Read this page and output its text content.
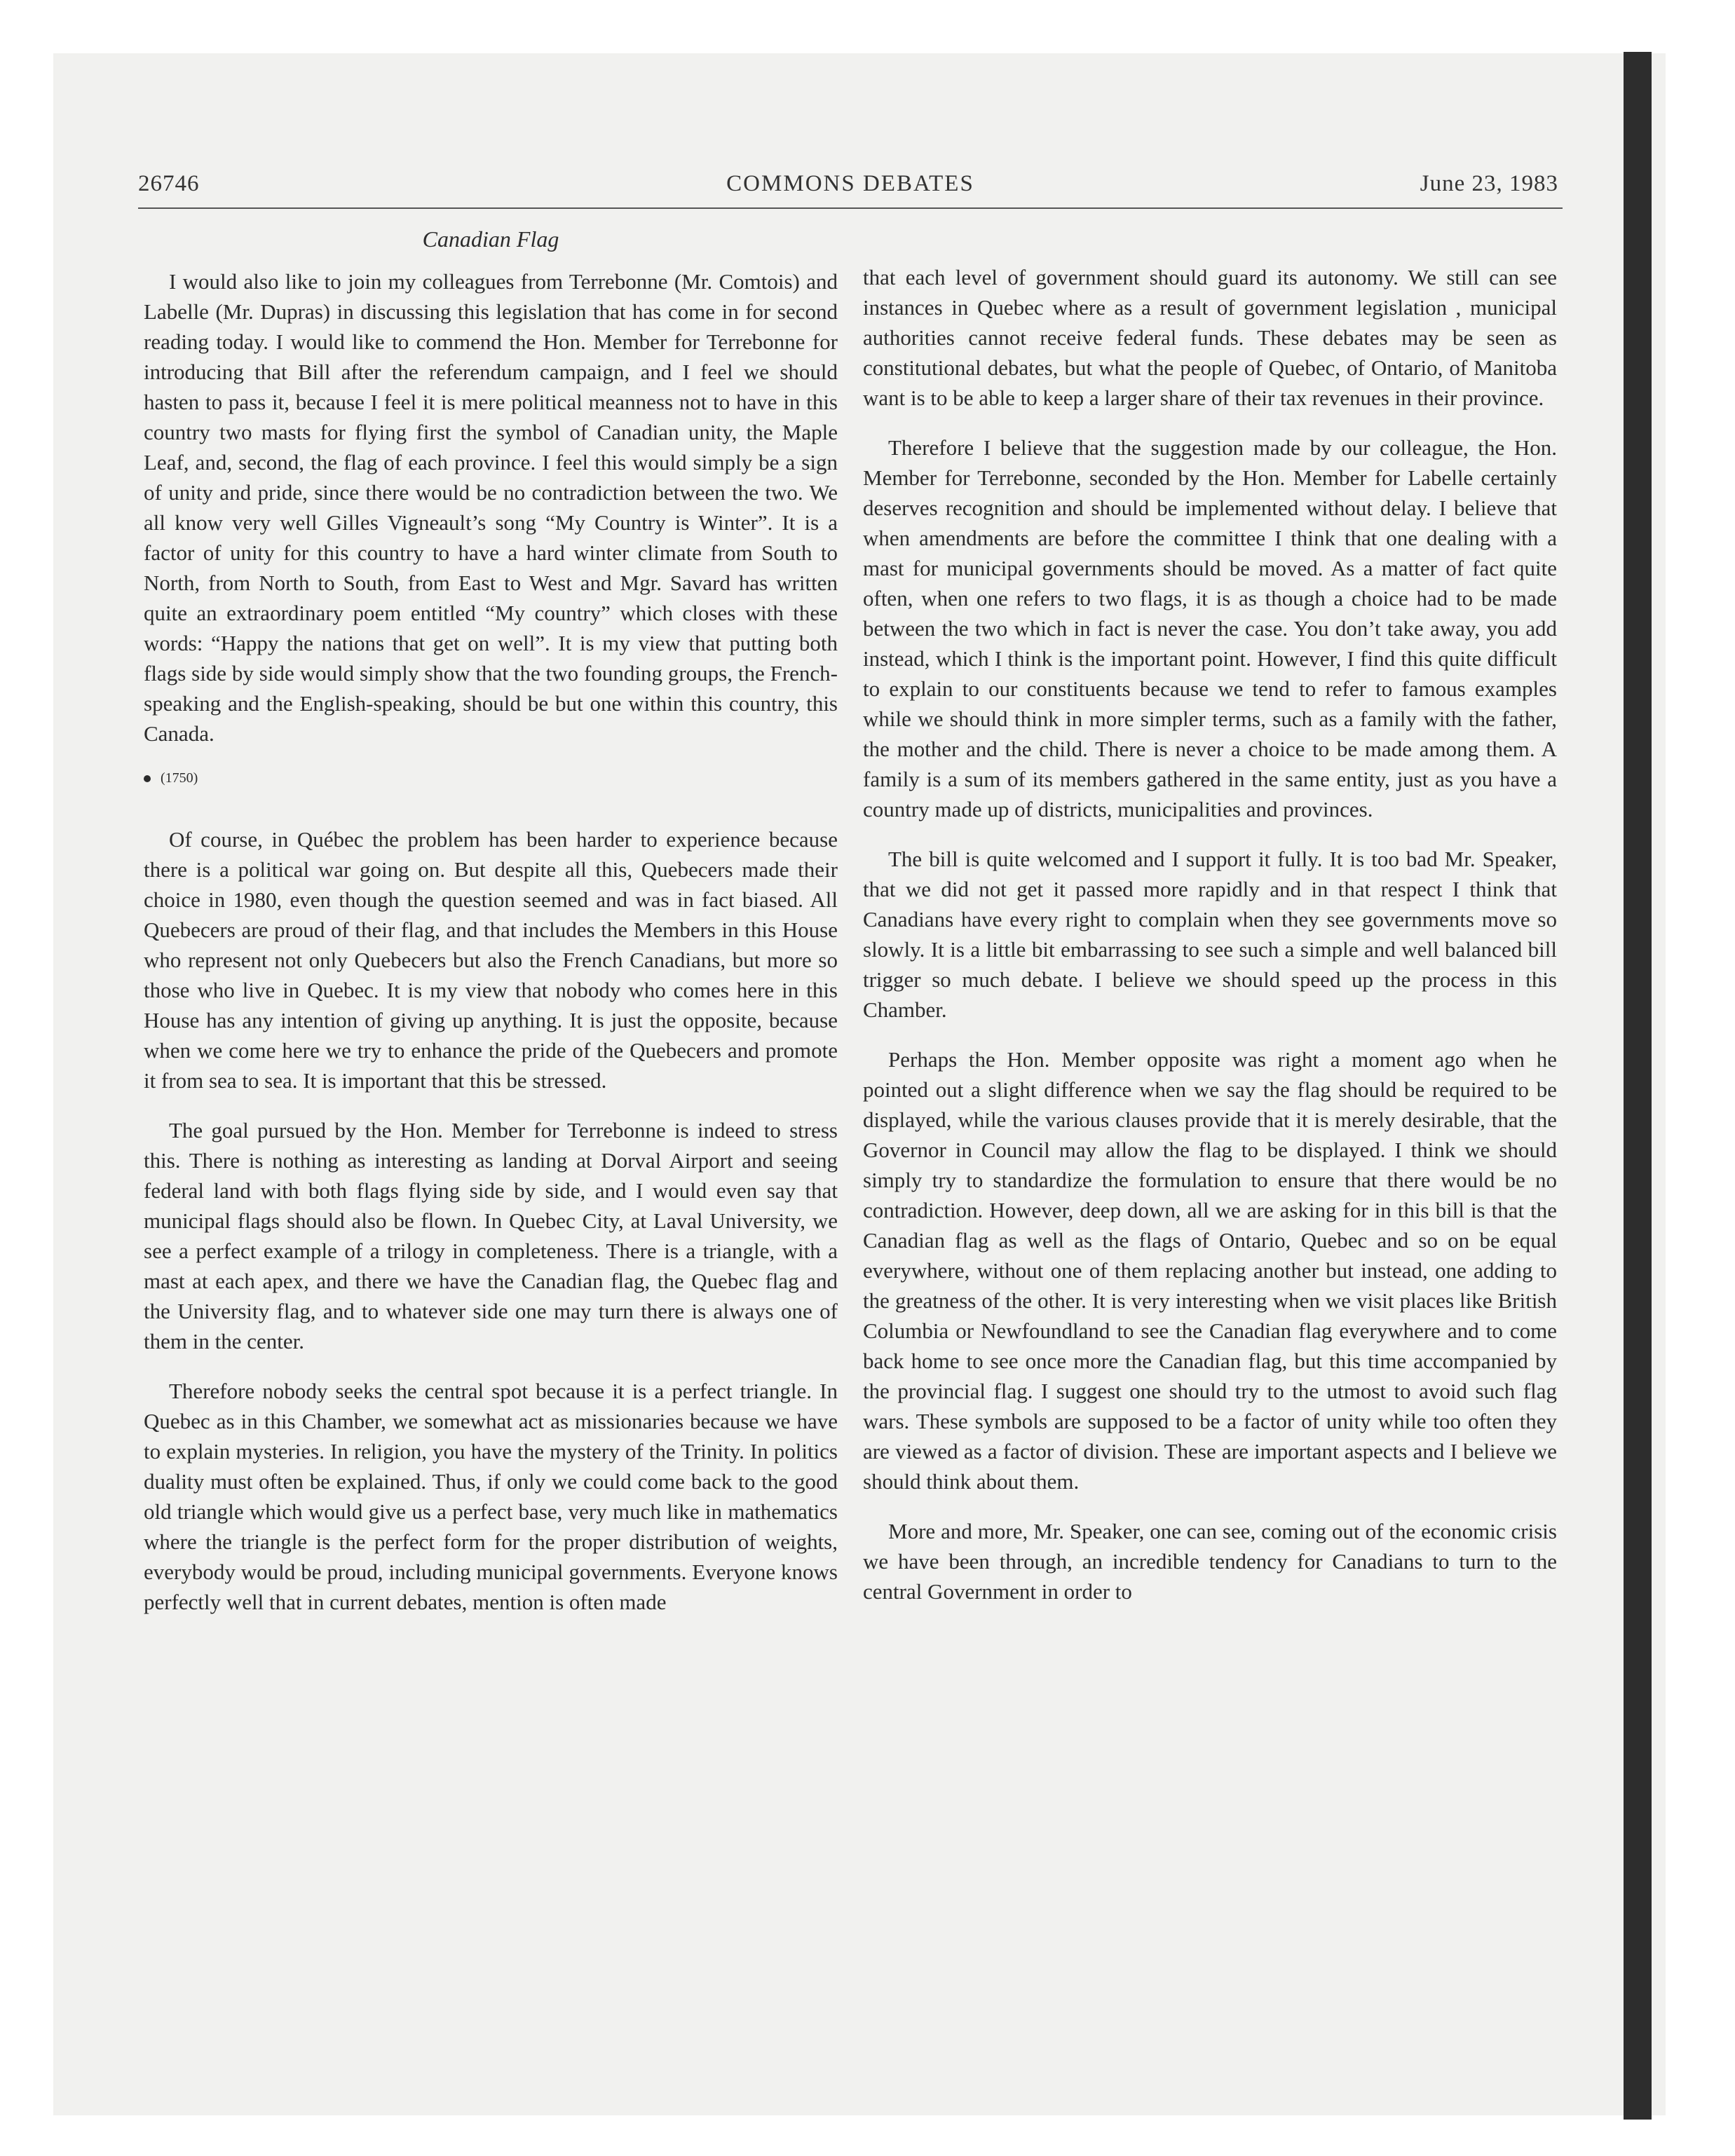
26746	COMMONS DEBATES	June 23, 1983
Canadian Flag

I would also like to join my colleagues from Terrebonne (Mr. Comtois) and Labelle (Mr. Dupras) in discussing this legislation that has come in for second reading today. I would like to commend the Hon. Member for Terrebonne for introducing that Bill after the referendum campaign, and I feel we should hasten to pass it, because I feel it is mere political meanness not to have in this country two masts for flying first the symbol of Canadian unity, the Maple Leaf, and, second, the flag of each province. I feel this would simply be a sign of unity and pride, since there would be no contradiction between the two. We all know very well Gilles Vigneault’s song “My Country is Winter”. It is a factor of unity for this country to have a hard winter climate from South to North, from North to South, from East to West and Mgr. Savard has written quite an extraordinary poem entitled “My country” which closes with these words: “Happy the nations that get on well”. It is my view that putting both flags side by side would simply show that the two founding groups, the French-speaking and the English-speaking, should be but one within this country, this Canada.

(1750)

Of course, in Québec the problem has been harder to experience because there is a political war going on. But despite all this, Quebecers made their choice in 1980, even though the question seemed and was in fact biased. All Quebecers are proud of their flag, and that includes the Members in this House who represent not only Quebecers but also the French Canadians, but more so those who live in Quebec. It is my view that nobody who comes here in this House has any intention of giving up anything. It is just the opposite, because when we come here we try to enhance the pride of the Quebecers and promote it from sea to sea. It is important that this be stressed.

The goal pursued by the Hon. Member for Terrebonne is indeed to stress this. There is nothing as interesting as landing at Dorval Airport and seeing federal land with both flags flying side by side, and I would even say that municipal flags should also be flown. In Quebec City, at Laval University, we see a perfect example of a trilogy in completeness. There is a triangle, with a mast at each apex, and there we have the Canadian flag, the Quebec flag and the University flag, and to whatever side one may turn there is always one of them in the center.

Therefore nobody seeks the central spot because it is a perfect triangle. In Quebec as in this Chamber, we somewhat act as missionaries because we have to explain mysteries. In religion, you have the mystery of the Trinity. In politics duality must often be explained. Thus, if only we could come back to the good old triangle which would give us a perfect base, very much like in mathematics where the triangle is the perfect form for the proper distribution of weights, everybody would be proud, including municipal governments. Everyone knows perfectly well that in current debates, mention is often made

that each level of government should guard its autonomy. We still can see instances in Quebec where as a result of government legislation , municipal authorities cannot receive federal funds. These debates may be seen as constitutional debates, but what the people of Quebec, of Ontario, of Manitoba want is to be able to keep a larger share of their tax revenues in their province.

Therefore I believe that the suggestion made by our colleague, the Hon. Member for Terrebonne, seconded by the Hon. Member for Labelle certainly deserves recognition and should be implemented without delay. I believe that when amendments are before the committee I think that one dealing with a mast for municipal governments should be moved. As a matter of fact quite often, when one refers to two flags, it is as though a choice had to be made between the two which in fact is never the case. You don’t take away, you add instead, which I think is the important point. However, I find this quite difficult to explain to our constituents because we tend to refer to famous examples while we should think in more simpler terms, such as a family with the father, the mother and the child. There is never a choice to be made among them. A family is a sum of its members gathered in the same entity, just as you have a country made up of districts, municipalities and provinces.

The bill is quite welcomed and I support it fully. It is too bad Mr. Speaker, that we did not get it passed more rapidly and in that respect I think that Canadians have every right to complain when they see governments move so slowly. It is a little bit embarrassing to see such a simple and well balanced bill trigger so much debate. I believe we should speed up the process in this Chamber.

Perhaps the Hon. Member opposite was right a moment ago when he pointed out a slight difference when we say the flag should be required to be displayed, while the various clauses provide that it is merely desirable, that the Governor in Council may allow the flag to be displayed. I think we should simply try to standardize the formulation to ensure that there would be no contradiction. However, deep down, all we are asking for in this bill is that the Canadian flag as well as the flags of Ontario, Quebec and so on be equal everywhere, without one of them replacing another but instead, one adding to the greatness of the other. It is very interesting when we visit places like British Columbia or Newfoundland to see the Canadian flag everywhere and to come back home to see once more the Canadian flag, but this time accompanied by the provincial flag. I suggest one should try to the utmost to avoid such flag wars. These symbols are supposed to be a factor of unity while too often they are viewed as a factor of division. These are important aspects and I believe we should think about them.

More and more, Mr. Speaker, one can see, coming out of the economic crisis we have been through, an incredible tendency for Canadians to turn to the central Government in order to
